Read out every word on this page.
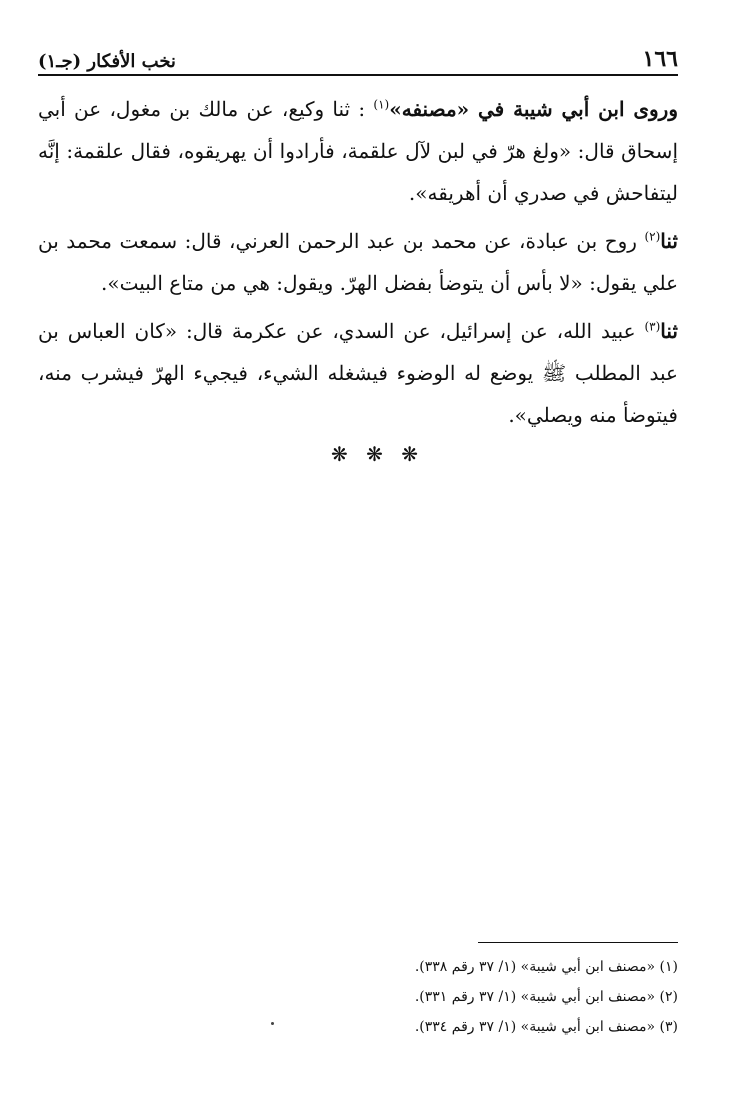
١٦٦
نخب الأفكار (جـ١)

وروى ابن أبي شيبة في «مصنفه»$^{(١)}$ : ثنا وكيع، عن مالك بن مغول، عن أبي إسحاق قال: «ولغ هرّ في لبن لآل علقمة، فأرادوا أن يهريقوه، فقال علقمة: إنَّه ليتفاحش في صدري أن أهريقه».

ثنا$^{(٢)}$ روح بن عبادة، عن محمد بن عبد الرحمن العرني، قال: سمعت محمد بن علي يقول: «لا بأس أن يتوضأ بفضل الهرّ. ويقول: هي من متاع البيت».

ثنا$^{(٣)}$ عبيد الله، عن إسرائيل، عن السدي، عن عكرمة قال: «كان العباس بن عبد المطلب ﷺ يوضع له الوضوء فيشغله الشيء، فيجيء الهرّ فيشرب منه، فيتوضأ منه ويصلي».

❋ ❋ ❋

(١) «مصنف ابن أبي شيبة» (١/ ٣٧ رقم ٣٣٨).

(٢) «مصنف ابن أبي شيبة» (١/ ٣٧ رقم ٣٣١).

(٣) «مصنف ابن أبي شيبة» (١/ ٣٧ رقم ٣٣٤).
